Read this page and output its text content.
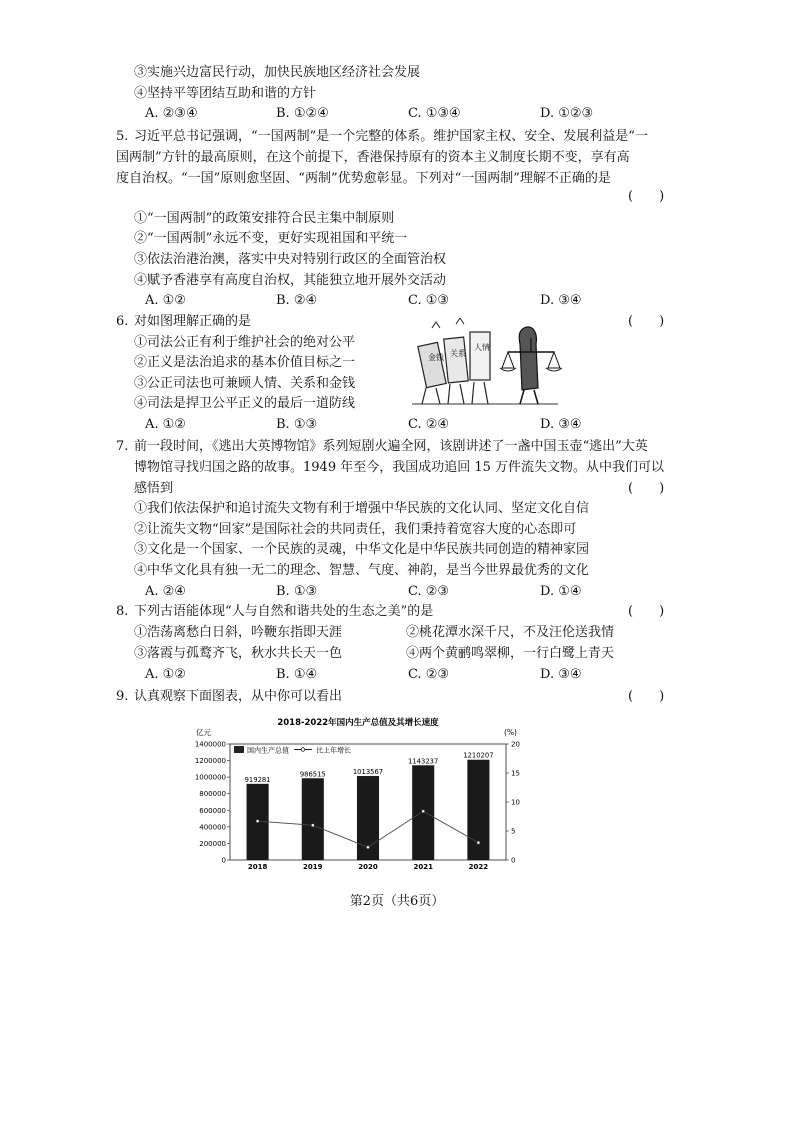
③实施兴边富民行动，加快民族地区经济社会发展
④坚持平等团结互助和谐的方针
A. ②③④	B. ①②④	C. ①③④	D. ①②③
5. 习近平总书记强调，“一国两制”是一个完整的体系。维护国家主权、安全、发展利益是“一
国两制”方针的最高原则，在这个前提下，香港保持原有的资本主义制度长期不变，享有高
度自治权。“一国”原则愈坚固、“两制”优势愈彰显。下列对“一国两制”理解不正确的是
(　　)
①“一国两制”的政策安排符合民主集中制原则
②“一国两制”永远不变，更好实现祖国和平统一
③依法治港治澳，落实中央对特别行政区的全面管治权
④赋予香港享有高度自治权，其能独立地开展外交活动
A. ①②	B. ②④	C. ①③	D. ③④
6. 对如图理解正确的是	(　　)
①司法公正有利于维护社会的绝对公平
②正义是法治追求的基本价值目标之一
③公正司法也可兼顾人情、关系和金钱
④司法是捍卫公平正义的最后一道防线
金钱 关系
人情
A. ①②	B. ①③	C. ②④	D. ③④
7. 前一段时间，《逃出大英博物馆》系列短剧火遍全网，该剧讲述了一盏中国玉壶“逃出”大英
博物馆寻找归国之路的故事。1949 年至今，我国成功追回 15 万件流失文物。从中我们可以
感悟到	(　　)
①我们依法保护和追讨流失文物有利于增强中华民族的文化认同、坚定文化自信
②让流失文物“回家”是国际社会的共同责任，我们秉持着宽容大度的心态即可
③文化是一个国家、一个民族的灵魂，中华文化是中华民族共同创造的精神家园
④中华文化具有独一无二的理念、智慧、气度、神韵，是当今世界最优秀的文化
A. ②④	B. ①③	C. ②③	D. ①④
8. 下列古语能体现“人与自然和谐共处的生态之美”的是	(　　)
①浩荡离愁白日斜，吟鞭东指即天涯	②桃花潭水深千尺，不及汪伦送我情
③落霞与孤鹜齐飞，秋水共长天一色	④两个黄鹂鸣翠柳，一行白鹭上青天
A. ①②	B. ①④	C. ②③	D. ③④
9. 认真观察下面图表，从中你可以看出	(　　)
2018-2022年国内生产总值及其增长速度
亿元	(%)
0
200000
400000
600000
800000
1000000
1200000
1400000
0
5
10
15
20
919281
2018
986515
2019
1013567
2020
1143237
2021
1210207
2022
国内生产总值	比上年增长
第2页（共6页）
